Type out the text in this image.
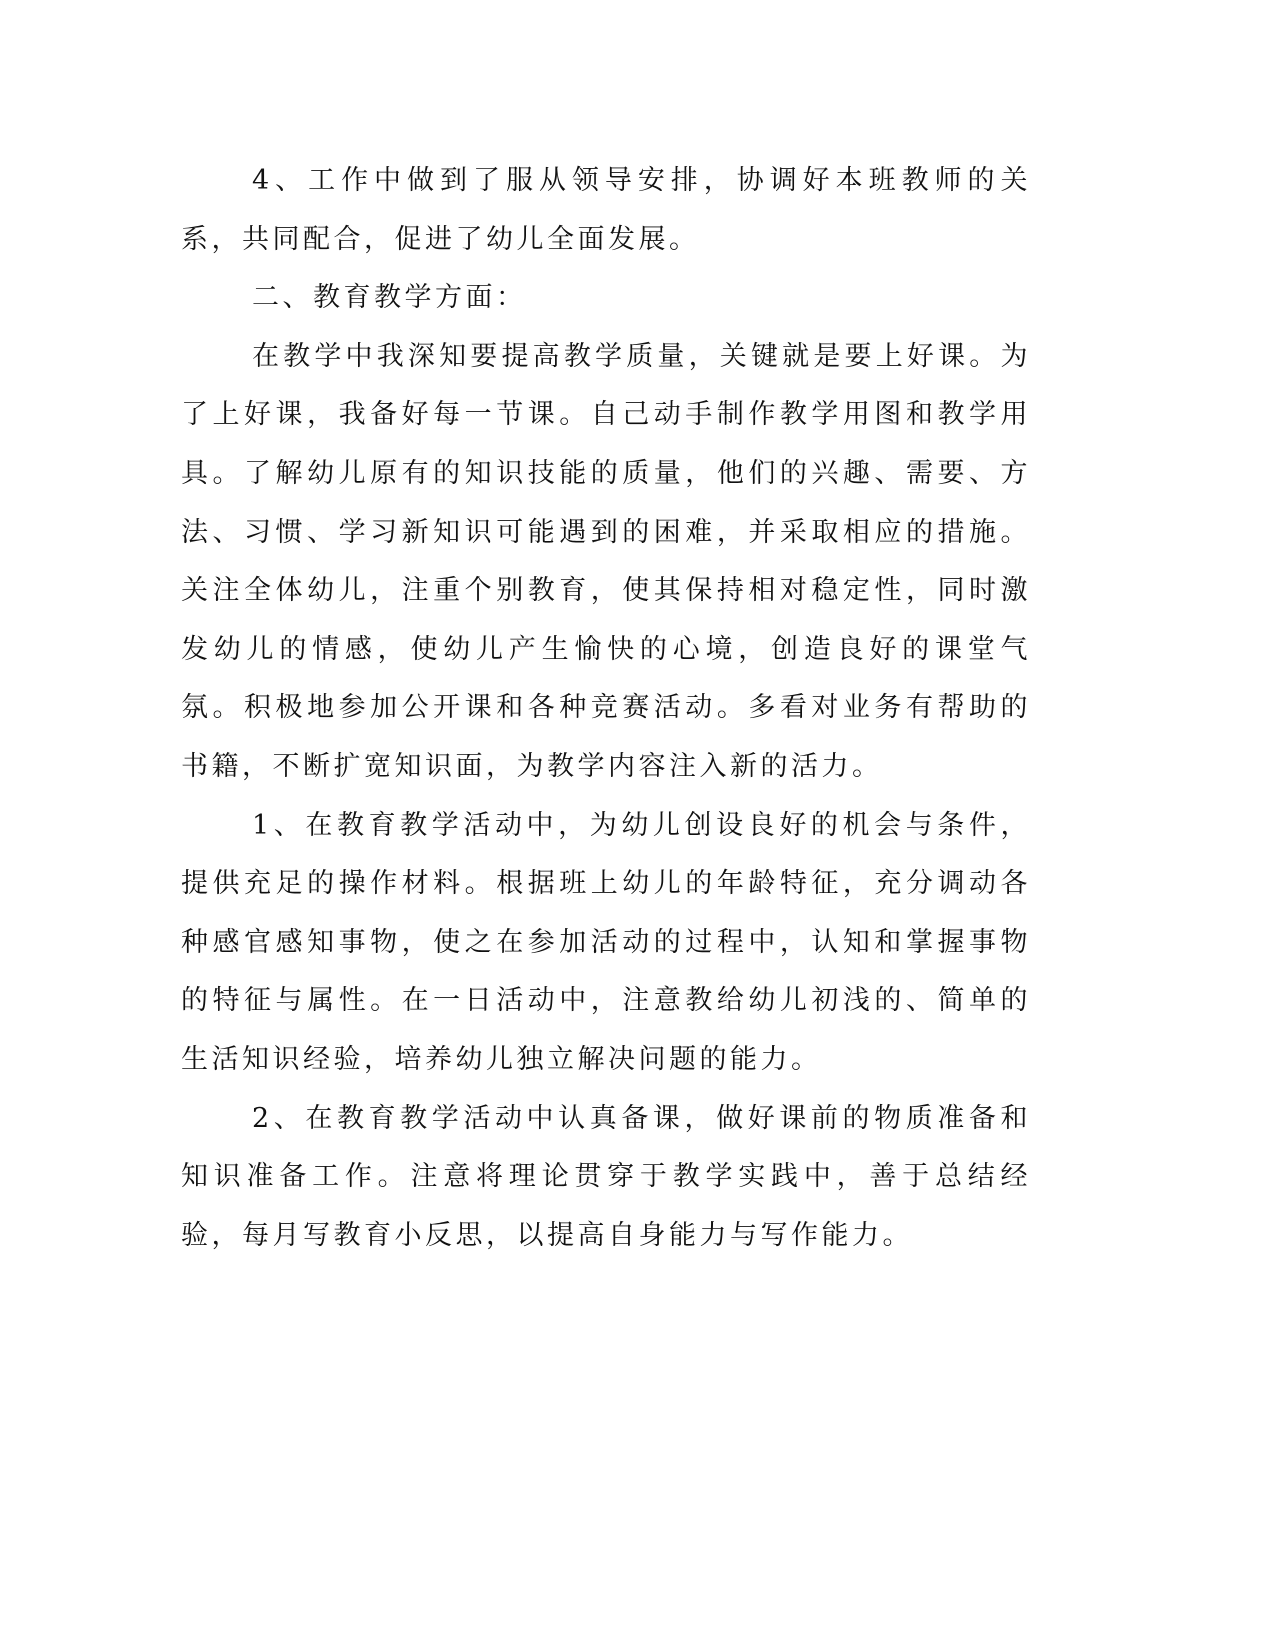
4、工作中做到了服从领导安排，协调好本班教师的关系，共同配合，促进了幼儿全面发展。

二、教育教学方面：

在教学中我深知要提高教学质量，关键就是要上好课。为了上好课，我备好每一节课。自己动手制作教学用图和教学用具。了解幼儿原有的知识技能的质量，他们的兴趣、需要、方法、习惯、学习新知识可能遇到的困难，并采取相应的措施。关注全体幼儿，注重个别教育，使其保持相对稳定性，同时激发幼儿的情感，使幼儿产生愉快的心境，创造良好的课堂气氛。积极地参加公开课和各种竞赛活动。多看对业务有帮助的书籍，不断扩宽知识面，为教学内容注入新的活力。

1、在教育教学活动中，为幼儿创设良好的机会与条件，提供充足的操作材料。根据班上幼儿的年龄特征，充分调动各种感官感知事物，使之在参加活动的过程中，认知和掌握事物的特征与属性。在一日活动中，注意教给幼儿初浅的、简单的生活知识经验，培养幼儿独立解决问题的能力。

2、在教育教学活动中认真备课，做好课前的物质准备和知识准备工作。注意将理论贯穿于教学实践中，善于总结经验，每月写教育小反思，以提高自身能力与写作能力。
